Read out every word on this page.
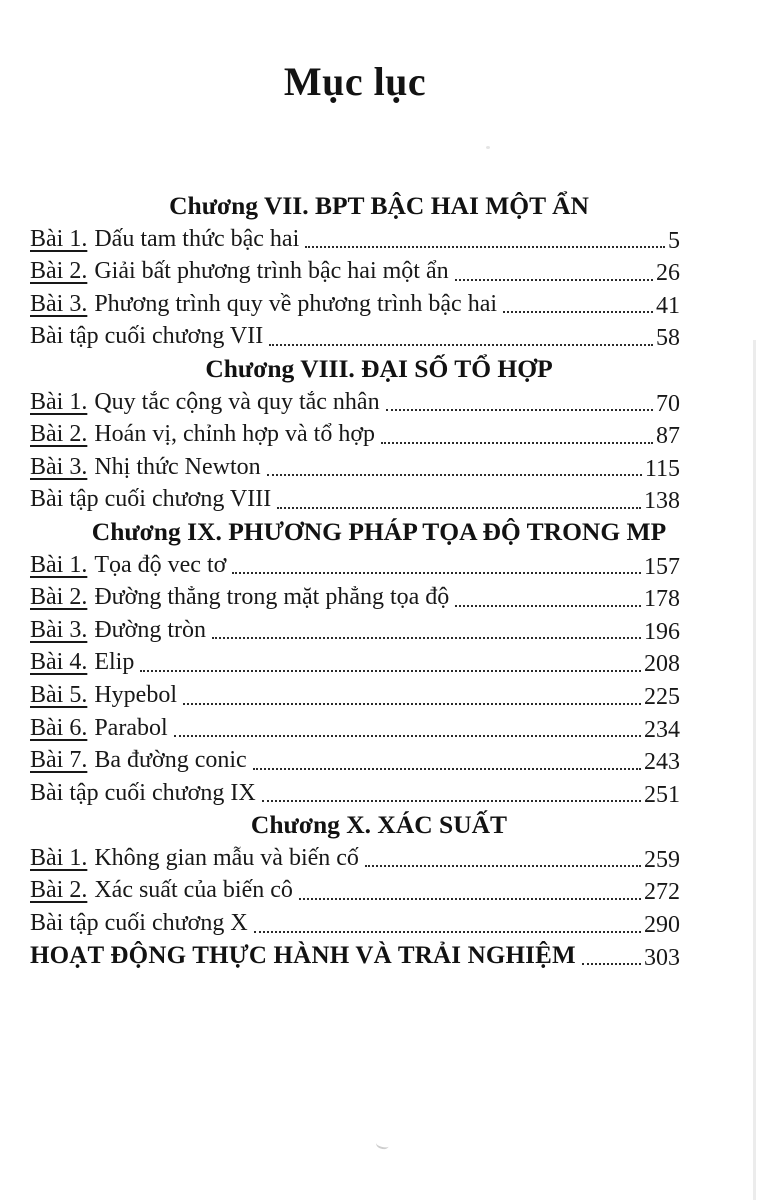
Mục lục
Chương VII. BPT BẬC HAI MỘT ẨN
Bài 1. Dấu tam thức bậc hai	5
Bài 2. Giải bất phương trình bậc hai một ẩn	26
Bài 3. Phương trình quy về phương trình bậc hai	41
Bài tập cuối chương VII	58
Chương VIII. ĐẠI SỐ TỔ HỢP
Bài 1. Quy tắc cộng và quy tắc nhân	70
Bài 2. Hoán vị, chỉnh hợp và tổ hợp	87
Bài 3. Nhị thức Newton	115
Bài tập cuối chương VIII	138
Chương IX. PHƯƠNG PHÁP TỌA ĐỘ TRONG MP
Bài 1. Tọa độ vec tơ	157
Bài 2. Đường thẳng trong mặt phẳng tọa độ	178
Bài 3. Đường tròn	196
Bài 4. Elip	208
Bài 5. Hypebol	225
Bài 6. Parabol	234
Bài 7. Ba đường conic	243
Bài tập cuối chương IX	251
Chương X. XÁC SUẤT
Bài 1. Không gian mẫu và biến cố	259
Bài 2. Xác suất của biến cô	272
Bài tập cuối chương X	290
HOẠT ĐỘNG THỰC HÀNH VÀ TRẢI NGHIỆM	303
